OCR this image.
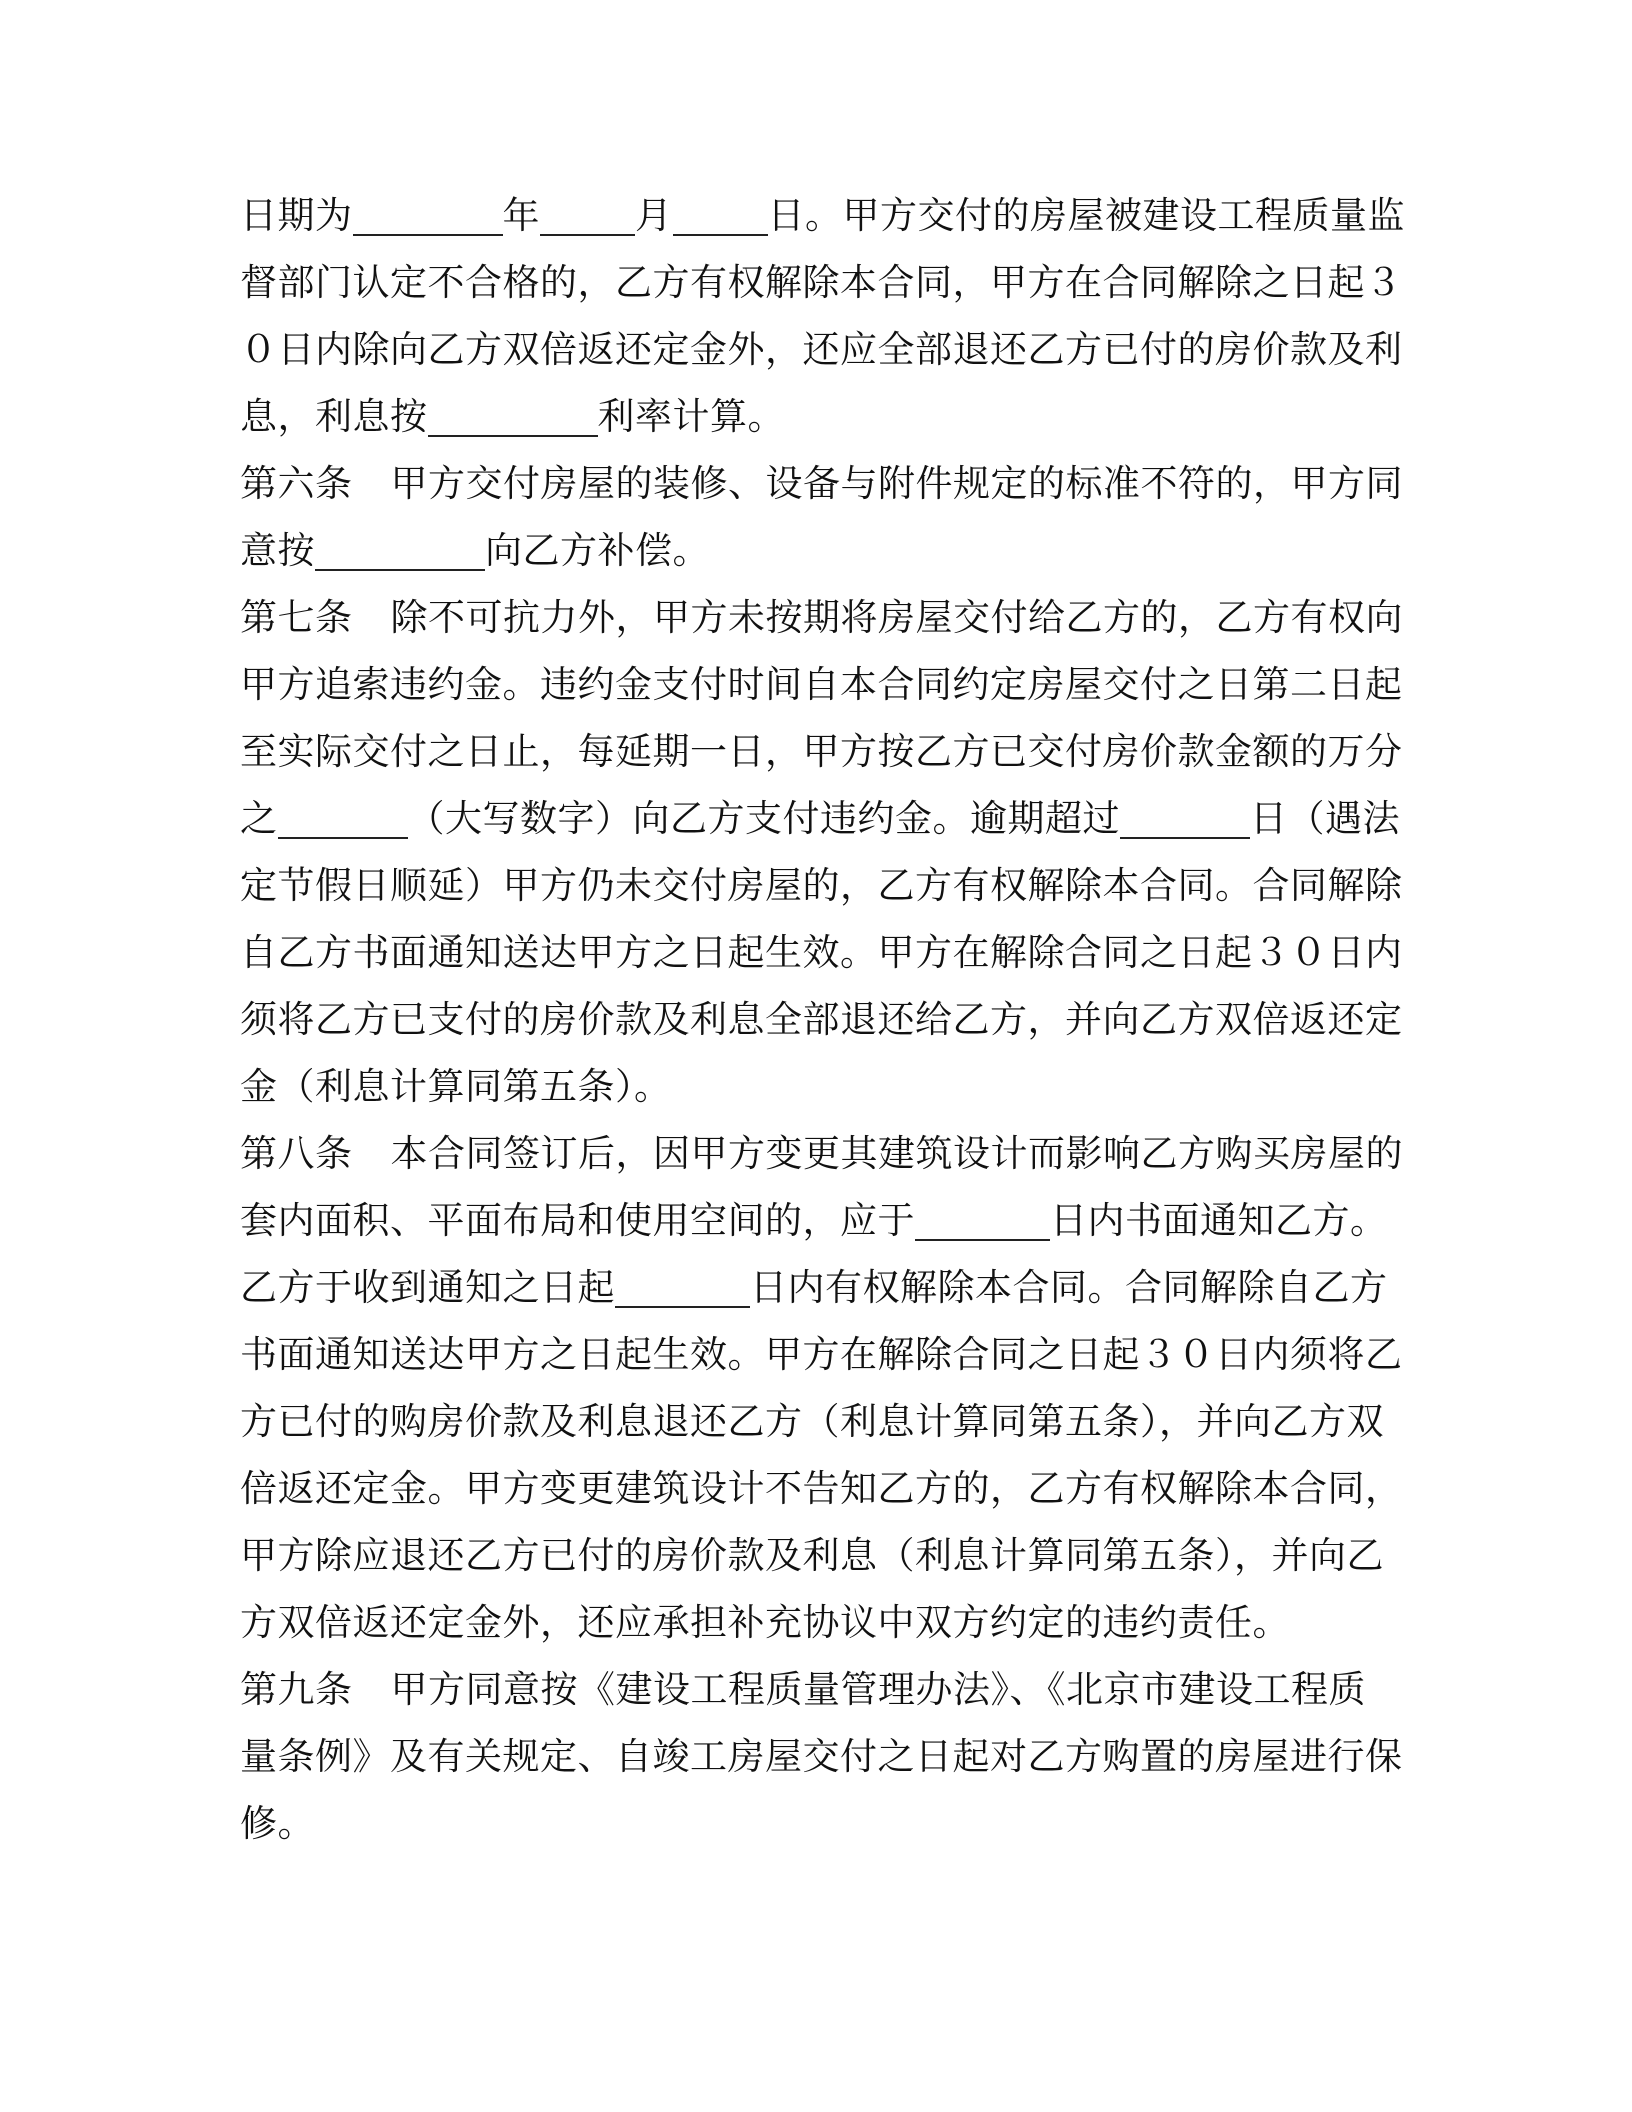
日期为	年	月	日。甲方交付的房屋被建设工程质量监
督部门认定不合格的，乙方有权解除本合同，甲方在合同解除之日起３
０日内除向乙方双倍返还定金外，还应全部退还乙方已付的房价款及利
息，利息按	利率计算。
第六条 甲方交付房屋的装修、设备与附件规定的标准不符的，甲方同
意按	向乙方补偿。
第七条 除不可抗力外，甲方未按期将房屋交付给乙方的，乙方有权向
甲方追索违约金。违约金支付时间自本合同约定房屋交付之日第二日起
至实际交付之日止，每延期一日，甲方按乙方已交付房价款金额的万分
之	（大写数字）向乙方支付违约金。逾期超过	日（遇法
定节假日顺延）甲方仍未交付房屋的，乙方有权解除本合同。合同解除
自乙方书面通知送达甲方之日起生效。甲方在解除合同之日起３０日内
须将乙方已支付的房价款及利息全部退还给乙方，并向乙方双倍返还定
金（利息计算同第五条）。
第八条 本合同签订后，因甲方变更其建筑设计而影响乙方购买房屋的
套内面积、平面布局和使用空间的，应于	日内书面通知乙方。
乙方于收到通知之日起	日内有权解除本合同。合同解除自乙方
书面通知送达甲方之日起生效。甲方在解除合同之日起３０日内须将乙
方已付的购房价款及利息退还乙方（利息计算同第五条），并向乙方双
倍返还定金。甲方变更建筑设计不告知乙方的，乙方有权解除本合同，
甲方除应退还乙方已付的房价款及利息（利息计算同第五条），并向乙
方双倍返还定金外，还应承担补充协议中双方约定的违约责任。
第九条 甲方同意按《建设工程质量管理办法》、《北京市建设工程质
量条例》及有关规定、自竣工房屋交付之日起对乙方购置的房屋进行保
修。
